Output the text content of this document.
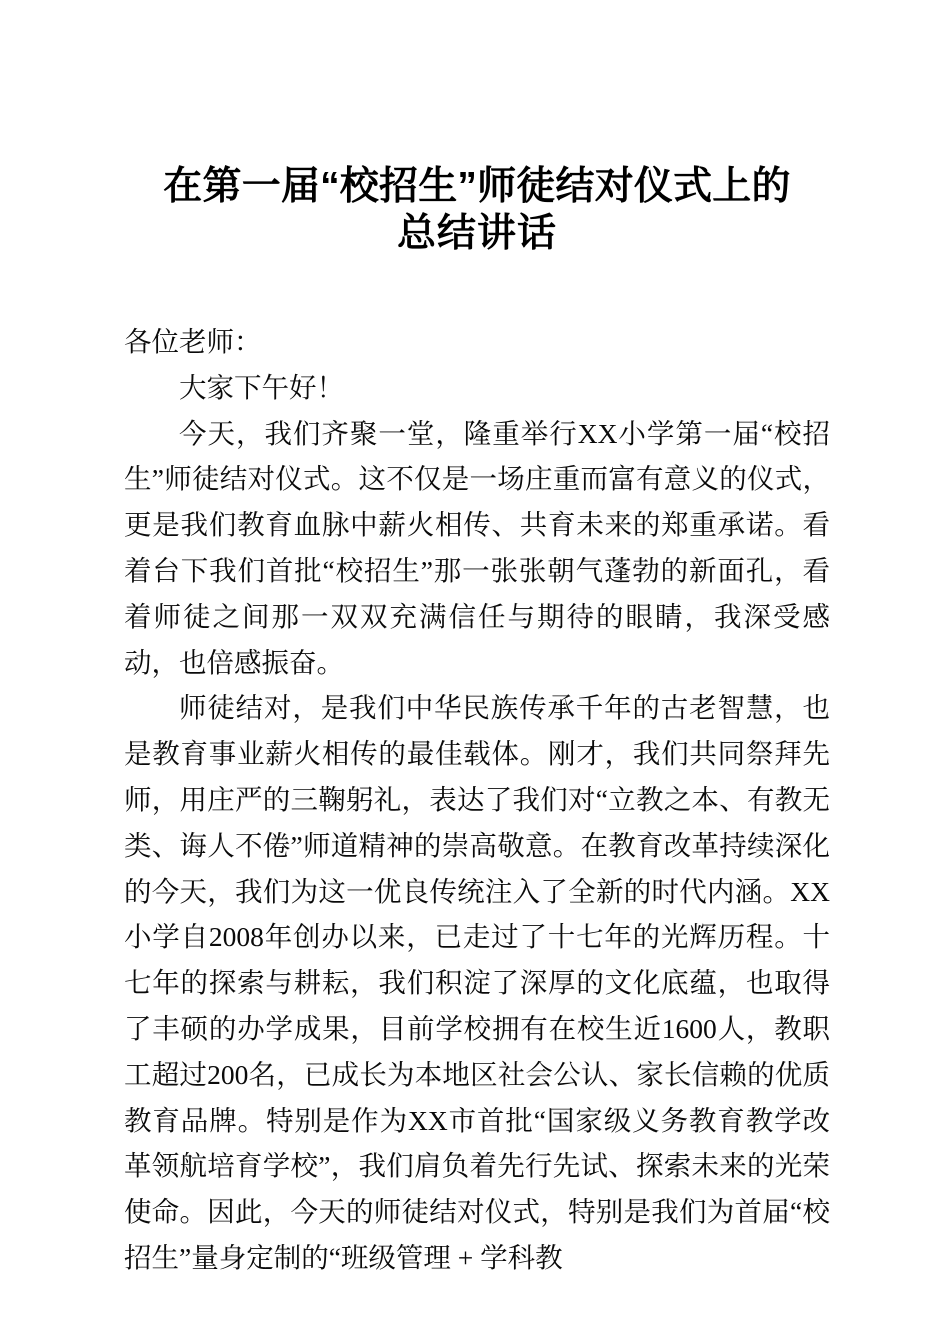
在第一届“校招生”师徒结对仪式上的
总结讲话

各位老师：

大家下午好！

今天，我们齐聚一堂，隆重举行XX小学第一届“校招生”师徒结对仪式。这不仅是一场庄重而富有意义的仪式，更是我们教育血脉中薪火相传、共育未来的郑重承诺。看着台下我们首批“校招生”那一张张朝气蓬勃的新面孔，看着师徒之间那一双双充满信任与期待的眼睛，我深受感动，也倍感振奋。

师徒结对，是我们中华民族传承千年的古老智慧，也是教育事业薪火相传的最佳载体。刚才，我们共同祭拜先师，用庄严的三鞠躬礼，表达了我们对“立教之本、有教无类、诲人不倦”师道精神的崇高敬意。在教育改革持续深化的今天，我们为这一优良传统注入了全新的时代内涵。XX小学自2008年创办以来，已走过了十七年的光辉历程。十七年的探索与耕耘，我们积淀了深厚的文化底蕴，也取得了丰硕的办学成果，目前学校拥有在校生近1600人，教职工超过200名，已成长为本地区社会公认、家长信赖的优质教育品牌。特别是作为XX市首批“国家级义务教育教学改革领航培育学校”，我们肩负着先行先试、探索未来的光荣使命。因此，今天的师徒结对仪式，特别是我们为首届“校招生”量身定制的“班级管理 + 学科教
